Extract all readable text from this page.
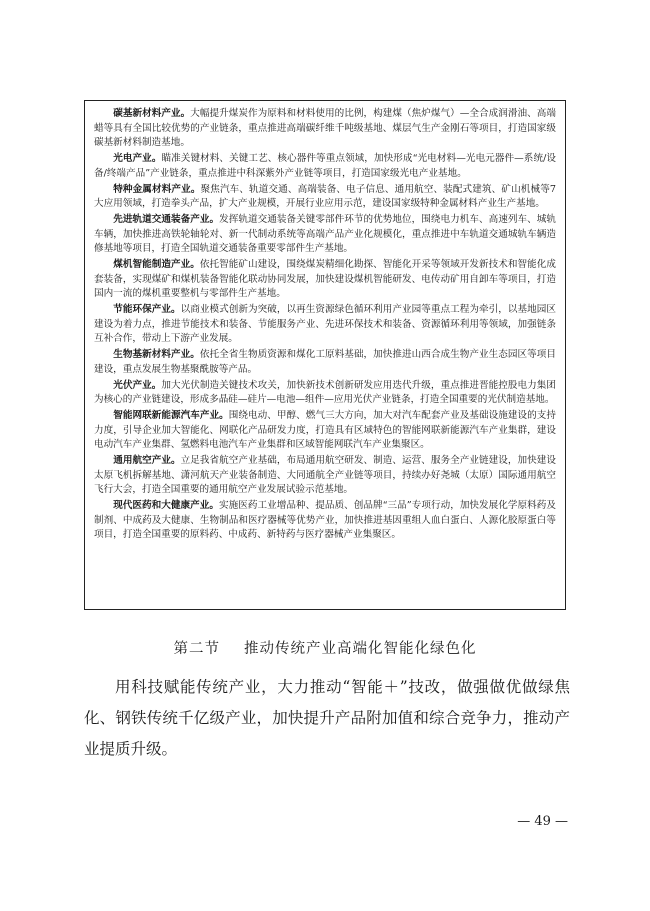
碳基新材料产业。大幅提升煤炭作为原料和材料使用的比例，构建煤（焦炉煤气）—全合成润滑油、高端蜡等具有全国比较优势的产业链条，重点推进高端碳纤维千吨级基地、煤层气生产金刚石等项目，打造国家级碳基新材料制造基地。

光电产业。瞄准关键材料、关键工艺、核心器件等重点领域，加快形成“光电材料—光电元器件—系统/设备/终端产品”产业链条，重点推进中科深紫外产业链等项目，打造国家级光电产业基地。

特种金属材料产业。聚焦汽车、轨道交通、高端装备、电子信息、通用航空、装配式建筑、矿山机械等7大应用领域，打造拳头产品，扩大产业规模，开展行业应用示范，建设国家级特种金属材料产业生产基地。

先进轨道交通装备产业。发挥轨道交通装备关键零部件环节的优势地位，围绕电力机车、高速列车、城轨车辆，加快推进高铁轮轴轮对、新一代制动系统等高端产品产业化规模化，重点推进中车轨道交通城轨车辆造修基地等项目，打造全国轨道交通装备重要零部件生产基地。

煤机智能制造产业。依托智能矿山建设，围绕煤炭精细化勘探、智能化开采等领域开发新技术和智能化成套装备，实现煤矿和煤机装备智能化联动协同发展，加快建设煤机智能研发、电传动矿用自卸车等项目，打造国内一流的煤机重要整机与零部件生产基地。

节能环保产业。以商业模式创新为突破，以再生资源绿色循环利用产业园等重点工程为牵引，以基地园区建设为着力点，推进节能技术和装备、节能服务产业、先进环保技术和装备、资源循环利用等领域，加强链条互补合作，带动上下游产业发展。

生物基新材料产业。依托全省生物质资源和煤化工原料基础，加快推进山西合成生物产业生态园区等项目建设，重点发展生物基聚酰胺等产品。

光伏产业。加大光伏制造关键技术攻关，加快新技术创新研发应用迭代升级，重点推进晋能控股电力集团为核心的产业链建设，形成多晶硅—硅片—电池—组件—应用光伏产业链条，打造全国重要的光伏制造基地。

智能网联新能源汽车产业。围绕电动、甲醇、燃气三大方向，加大对汽车配套产业及基础设施建设的支持力度，引导企业加大智能化、网联化产品研发力度，打造具有区域特色的智能网联新能源汽车产业集群，建设电动汽车产业集群、氢燃料电池汽车产业集群和区域智能网联汽车产业集聚区。

通用航空产业。立足我省航空产业基础，布局通用航空研发、制造、运营、服务全产业链建设，加快建设太原飞机拆解基地、潇河航天产业装备制造、大同通航全产业链等项目，持续办好尧城（太原）国际通用航空飞行大会，打造全国重要的通用航空产业发展试验示范基地。

现代医药和大健康产业。实施医药工业增品种、提品质、创品牌“三品”专项行动，加快发展化学原料药及制剂、中成药及大健康、生物制品和医疗器械等优势产业，加快推进基因重组人血白蛋白、人源化胶原蛋白等项目，打造全国重要的原料药、中成药、新特药与医疗器械产业集聚区。

第二节 推动传统产业高端化智能化绿色化

用科技赋能传统产业，大力推动“智能＋”技改，做强做优做绿焦化、钢铁传统千亿级产业，加快提升产品附加值和综合竞争力，推动产业提质升级。

— 49 —
